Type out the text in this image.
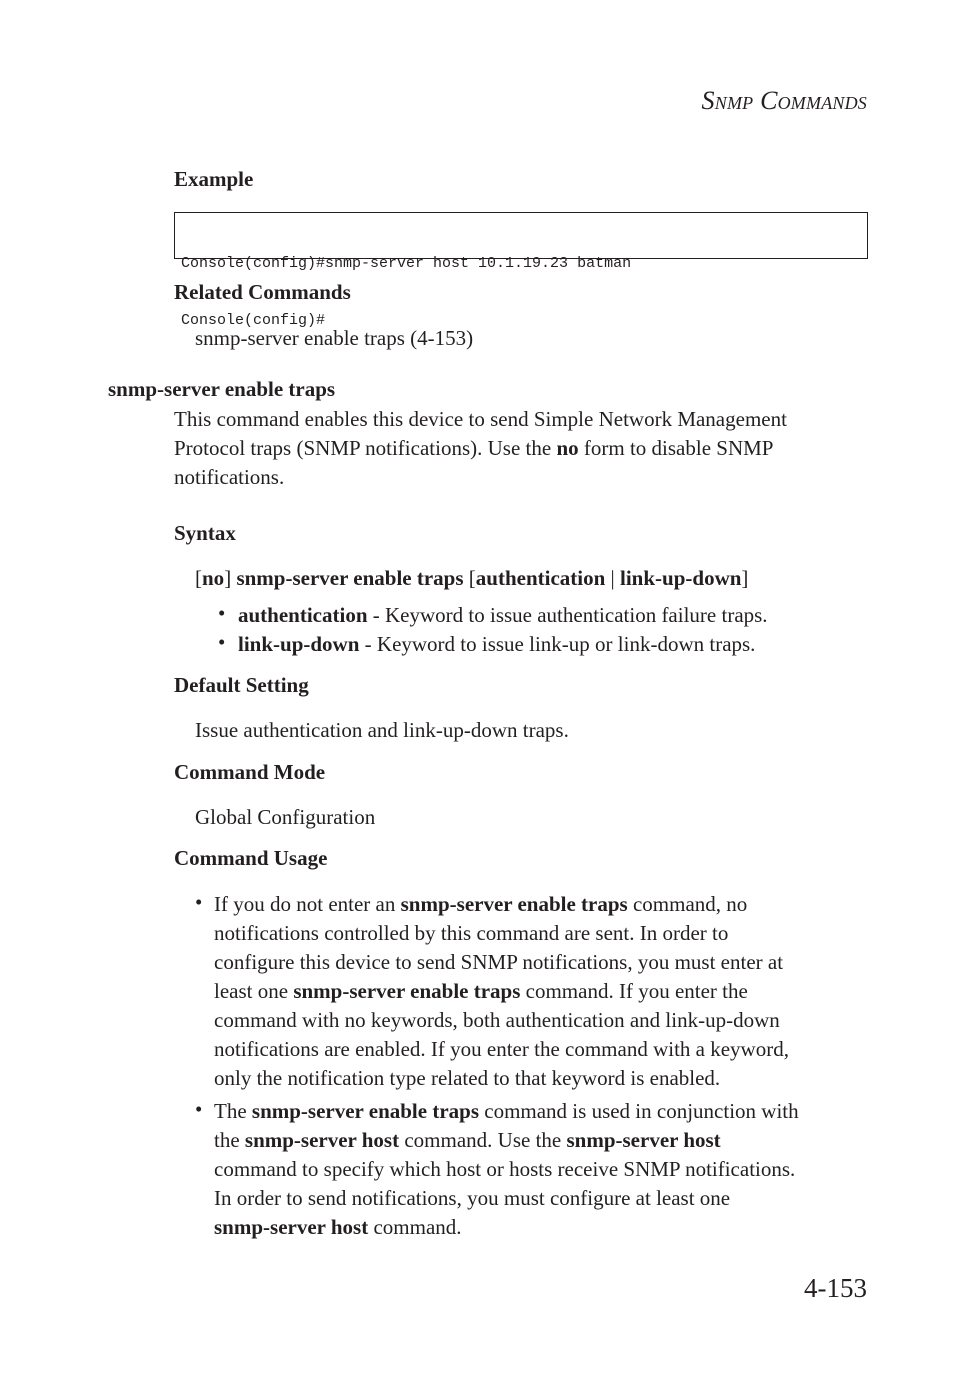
SNMP COMMANDS
Example

Console(config)#snmp-server host 10.1.19.23 batman

Console(config)#

Related Commands
snmp-server enable traps (4-153)
snmp-server enable traps
This command enables this device to send Simple Network Management
Protocol traps (SNMP notifications). Use the no form to disable SNMP
notifications.
Syntax
[no] snmp-server enable traps [authentication | link-up-down]
• authentication - Keyword to issue authentication failure traps.
• link-up-down - Keyword to issue link-up or link-down traps.
Default Setting
Issue authentication and link-up-down traps.
Command Mode
Global Configuration
Command Usage
• If you do not enter an snmp-server enable traps command, no
notifications controlled by this command are sent. In order to
configure this device to send SNMP notifications, you must enter at
least one snmp-server enable traps command. If you enter the
command with no keywords, both authentication and link-up-down
notifications are enabled. If you enter the command with a keyword,
only the notification type related to that keyword is enabled.
• The snmp-server enable traps command is used in conjunction with
the snmp-server host command. Use the snmp-server host
command to specify which host or hosts receive SNMP notifications.
In order to send notifications, you must configure at least one
snmp-server host command.
4-153
